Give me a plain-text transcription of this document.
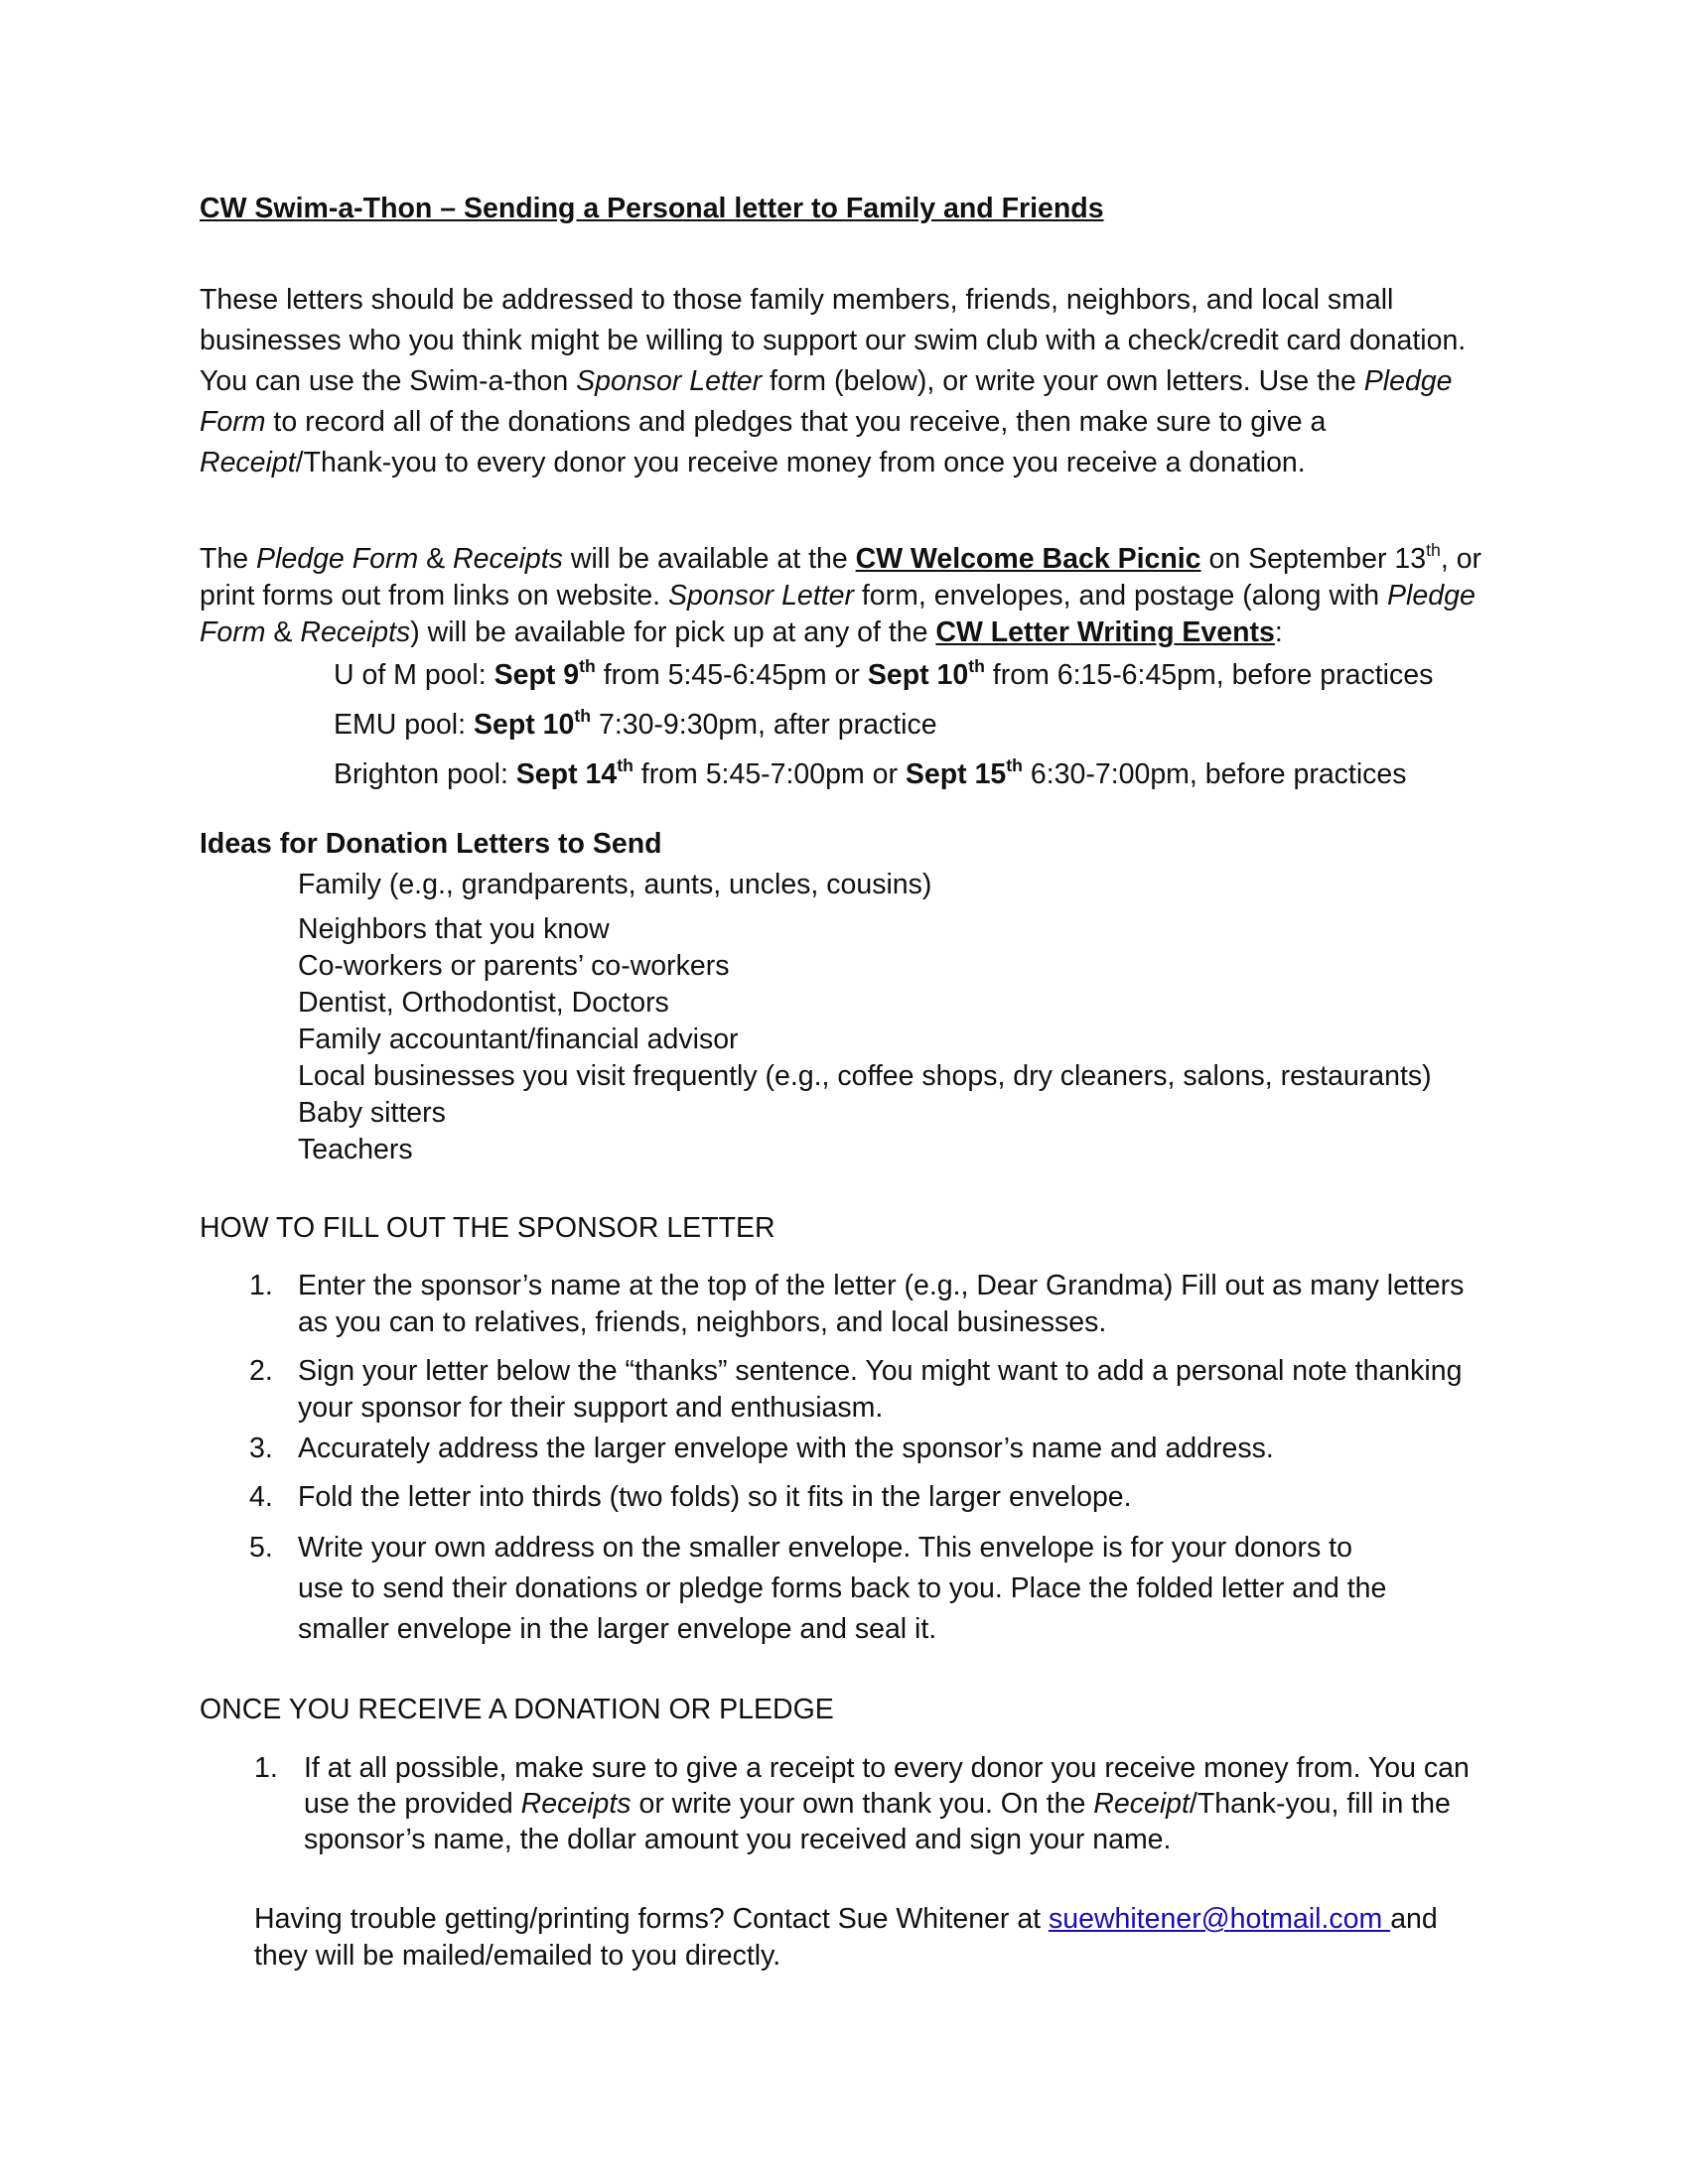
CW Swim-a-Thon – Sending a Personal letter to Family and Friends

These letters should be addressed to those family members, friends, neighbors, and local small businesses who you think might be willing to support our swim club with a check/credit card donation. You can use the Swim-a-thon Sponsor Letter form (below), or write your own letters. Use the Pledge Form to record all of the donations and pledges that you receive, then make sure to give a Receipt/Thank-you to every donor you receive money from once you receive a donation.

The Pledge Form & Receipts will be available at the CW Welcome Back Picnic on September 13th, or print forms out from links on website. Sponsor Letter form, envelopes, and postage (along with Pledge Form & Receipts) will be available for pick up at any of the CW Letter Writing Events:

U of M pool: Sept 9th from 5:45-6:45pm or Sept 10th from 6:15-6:45pm, before practices
EMU pool: Sept 10th 7:30-9:30pm, after practice
Brighton pool: Sept 14th from 5:45-7:00pm or Sept 15th 6:30-7:00pm, before practices

Ideas for Donation Letters to Send

Family (e.g., grandparents, aunts, uncles, cousins)
Neighbors that you know
Co-workers or parents’ co-workers
Dentist, Orthodontist, Doctors
Family accountant/financial advisor
Local businesses you visit frequently (e.g., coffee shops, dry cleaners, salons, restaurants)
Baby sitters
Teachers

HOW TO FILL OUT THE SPONSOR LETTER

1. Enter the sponsor’s name at the top of the letter (e.g., Dear Grandma) Fill out as many letters as you can to relatives, friends, neighbors, and local businesses.
2. Sign your letter below the “thanks” sentence. You might want to add a personal note thanking your sponsor for their support and enthusiasm.
3. Accurately address the larger envelope with the sponsor’s name and address.
4. Fold the letter into thirds (two folds) so it fits in the larger envelope.
5. Write your own address on the smaller envelope. This envelope is for your donors to use to send their donations or pledge forms back to you. Place the folded letter and the smaller envelope in the larger envelope and seal it.

ONCE YOU RECEIVE A DONATION OR PLEDGE

1. If at all possible, make sure to give a receipt to every donor you receive money from. You can use the provided Receipts or write your own thank you. On the Receipt/Thank-you, fill in the sponsor’s name, the dollar amount you received and sign your name.

Having trouble getting/printing forms? Contact Sue Whitener at suewhitener@hotmail.com and they will be mailed/emailed to you directly.
